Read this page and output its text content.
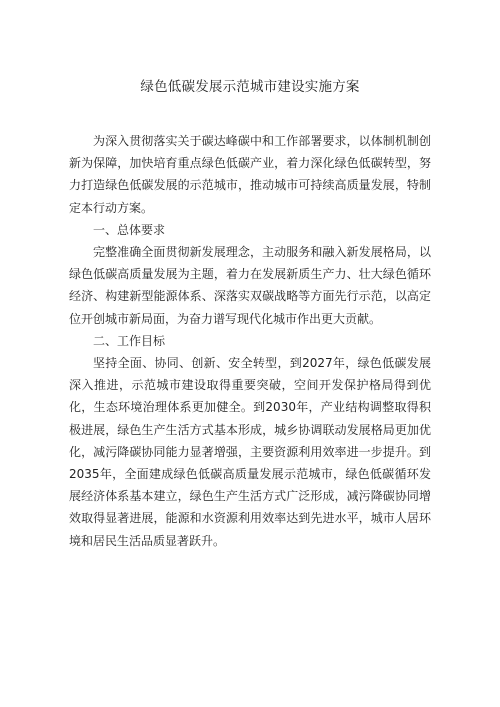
绿色低碳发展示范城市建设实施方案

为深入贯彻落实关于碳达峰碳中和工作部署要求，以体制机制创新为保障，加快培育重点绿色低碳产业，着力深化绿色低碳转型，努力打造绿色低碳发展的示范城市，推动城市可持续高质量发展，特制定本行动方案。

一、总体要求

完整准确全面贯彻新发展理念，主动服务和融入新发展格局，以绿色低碳高质量发展为主题，着力在发展新质生产力、壮大绿色循环经济、构建新型能源体系、深落实双碳战略等方面先行示范，以高定位开创城市新局面，为奋力谱写现代化城市作出更大贡献。

二、工作目标

坚持全面、协同、创新、安全转型，到2027年，绿色低碳发展深入推进，示范城市建设取得重要突破，空间开发保护格局得到优化，生态环境治理体系更加健全。到2030年，产业结构调整取得积极进展，绿色生产生活方式基本形成，城乡协调联动发展格局更加优化，减污降碳协同能力显著增强，主要资源利用效率进一步提升。到2035年，全面建成绿色低碳高质量发展示范城市，绿色低碳循环发展经济体系基本建立，绿色生产生活方式广泛形成，减污降碳协同增效取得显著进展，能源和水资源利用效率达到先进水平，城市人居环境和居民生活品质显著跃升。
